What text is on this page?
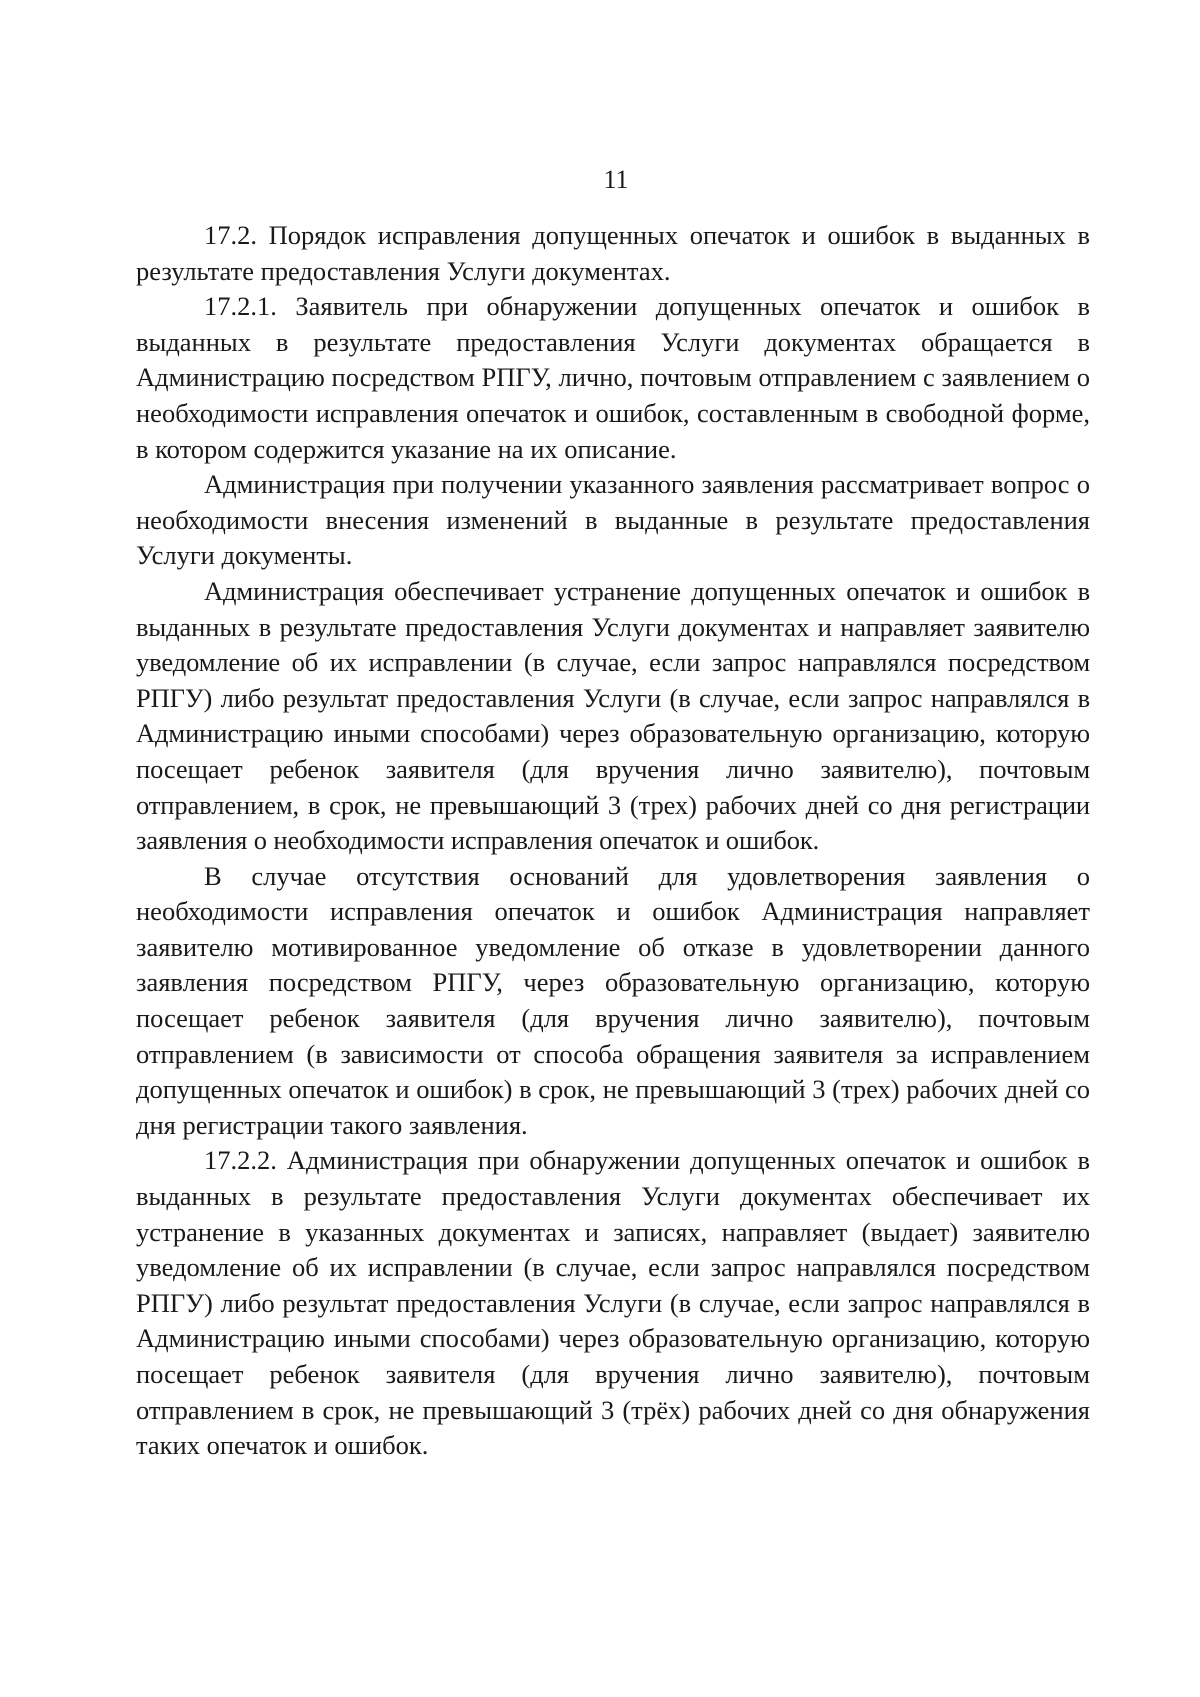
11

17.2. Порядок исправления допущенных опечаток и ошибок в выданных в результате предоставления Услуги документах.

17.2.1. Заявитель при обнаружении допущенных опечаток и ошибок в выданных в результате предоставления Услуги документах обращается в Администрацию посредством РПГУ, лично, почтовым отправлением с заявлением о необходимости исправления опечаток и ошибок, составленным в свободной форме, в котором содержится указание на их описание.

Администрация при получении указанного заявления рассматривает вопрос о необходимости внесения изменений в выданные в результате предоставления Услуги документы.

Администрация обеспечивает устранение допущенных опечаток и ошибок в выданных в результате предоставления Услуги документах и направляет заявителю уведомление об их исправлении (в случае, если запрос направлялся посредством РПГУ) либо результат предоставления Услуги (в случае, если запрос направлялся в Администрацию иными способами) через образовательную организацию, которую посещает ребенок заявителя (для вручения лично заявителю), почтовым отправлением, в срок, не превышающий 3 (трех) рабочих дней со дня регистрации заявления о необходимости исправления опечаток и ошибок.

В случае отсутствия оснований для удовлетворения заявления о необходимости исправления опечаток и ошибок Администрация направляет заявителю мотивированное уведомление об отказе в удовлетворении данного заявления посредством РПГУ, через образовательную организацию, которую посещает ребенок заявителя (для вручения лично заявителю), почтовым отправлением (в зависимости от способа обращения заявителя за исправлением допущенных опечаток и ошибок) в срок, не превышающий 3 (трех) рабочих дней со дня регистрации такого заявления.

17.2.2. Администрация при обнаружении допущенных опечаток и ошибок в выданных в результате предоставления Услуги документах обеспечивает их устранение в указанных документах и записях, направляет (выдает) заявителю уведомление об их исправлении (в случае, если запрос направлялся посредством РПГУ) либо результат предоставления Услуги (в случае, если запрос направлялся в Администрацию иными способами) через образовательную организацию, которую посещает ребенок заявителя (для вручения лично заявителю), почтовым отправлением в срок, не превышающий 3 (трёх) рабочих дней со дня обнаружения таких опечаток и ошибок.
